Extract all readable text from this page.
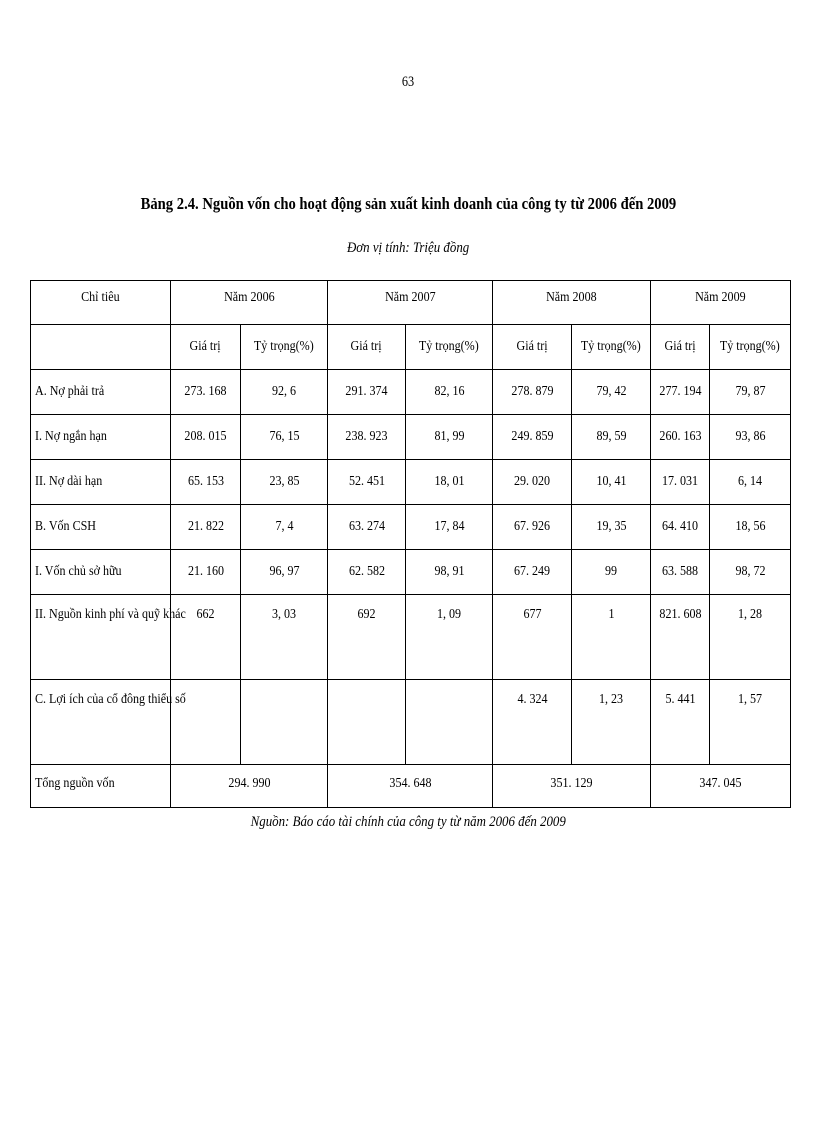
63
Bảng 2.4. Nguồn vốn cho hoạt động sản xuất kinh doanh của công ty từ 2006 đến 2009
Đơn vị tính: Triệu đồng
Chỉ tiêu	Năm 2006		Năm 2007		Năm 2008		Năm 2009	
	Giá trị	Tỷ trọng(%)	Giá trị	Tỷ trọng(%)	Giá trị	Tỷ trọng(%)	Giá trị	Tỷ trọng(%)
A. Nợ phải trả	273. 168	92, 6	291. 374	82, 16	278. 879	79, 42	277. 194	79, 87
I. Nợ ngắn hạn	208. 015	76, 15	238. 923	81, 99	249. 859	89, 59	260. 163	93, 86
II. Nợ dài hạn	65. 153	23, 85	52. 451	18, 01	29. 020	10, 41	17. 031	6, 14
B. Vốn CSH	21. 822	7, 4	63. 274	17, 84	67. 926	19, 35	64. 410	18, 56
I. Vốn chủ sở hữu	21. 160	96, 97	62. 582	98, 91	67. 249	99	63. 588	98, 72
II. Nguồn kinh phí và quỹ khác	662	3, 03	692	1, 09	677	1	821. 608	1, 28
C. Lợi ích của cổ đông thiểu số					4. 324	1, 23	5. 441	1, 57
Tổng nguồn vốn	294. 990		354. 648		351. 129		347. 045	
Nguồn: Báo cáo tài chính của công ty từ năm 2006 đến 2009
